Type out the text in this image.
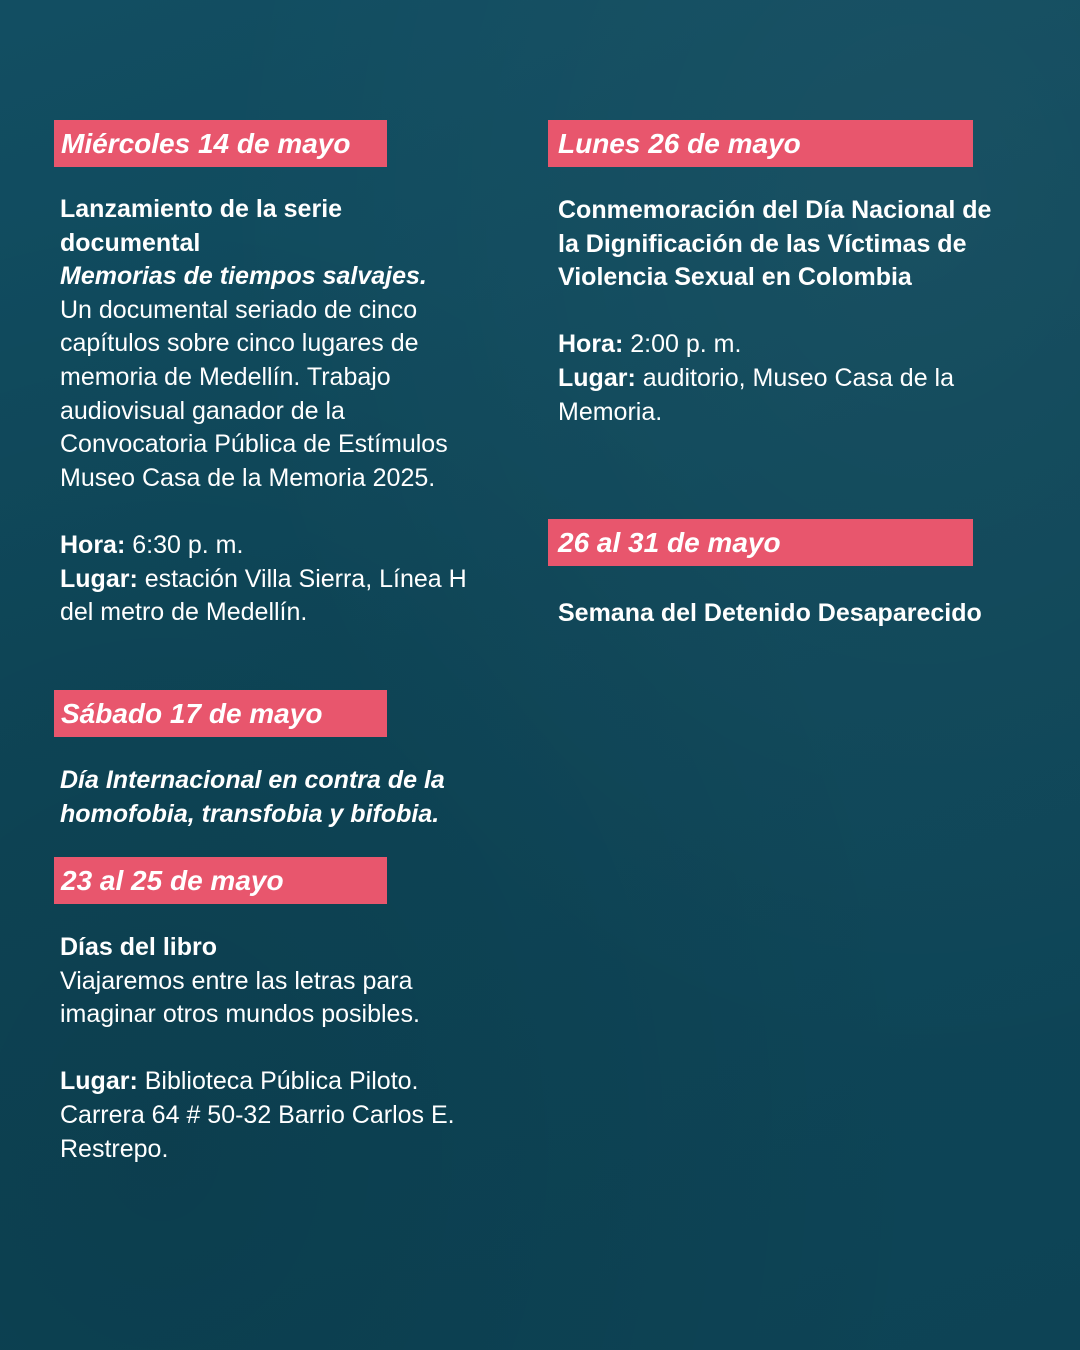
Miércoles 14 de mayo
Lanzamiento de la serie
documental
Memorias de tiempos salvajes.
Un documental seriado de cinco
capítulos sobre cinco lugares de
memoria de Medellín. Trabajo
audiovisual ganador de la
Convocatoria Pública de Estímulos
Museo Casa de la Memoria 2025.
Hora: 6:30 p. m.
Lugar: estación Villa Sierra, Línea H
del metro de Medellín.
Sábado 17 de mayo
Día Internacional en contra de la
homofobia, transfobia y bifobia.
23 al 25 de mayo
Días del libro
Viajaremos entre las letras para
imaginar otros mundos posibles.
Lugar: Biblioteca Pública Piloto.
Carrera 64 # 50-32 Barrio Carlos E.
Restrepo.
Lunes 26 de mayo
Conmemoración del Día Nacional de
la Dignificación de las Víctimas de
Violencia Sexual en Colombia
Hora: 2:00 p. m.
Lugar: auditorio, Museo Casa de la
Memoria.
26 al 31 de mayo
Semana del Detenido Desaparecido
